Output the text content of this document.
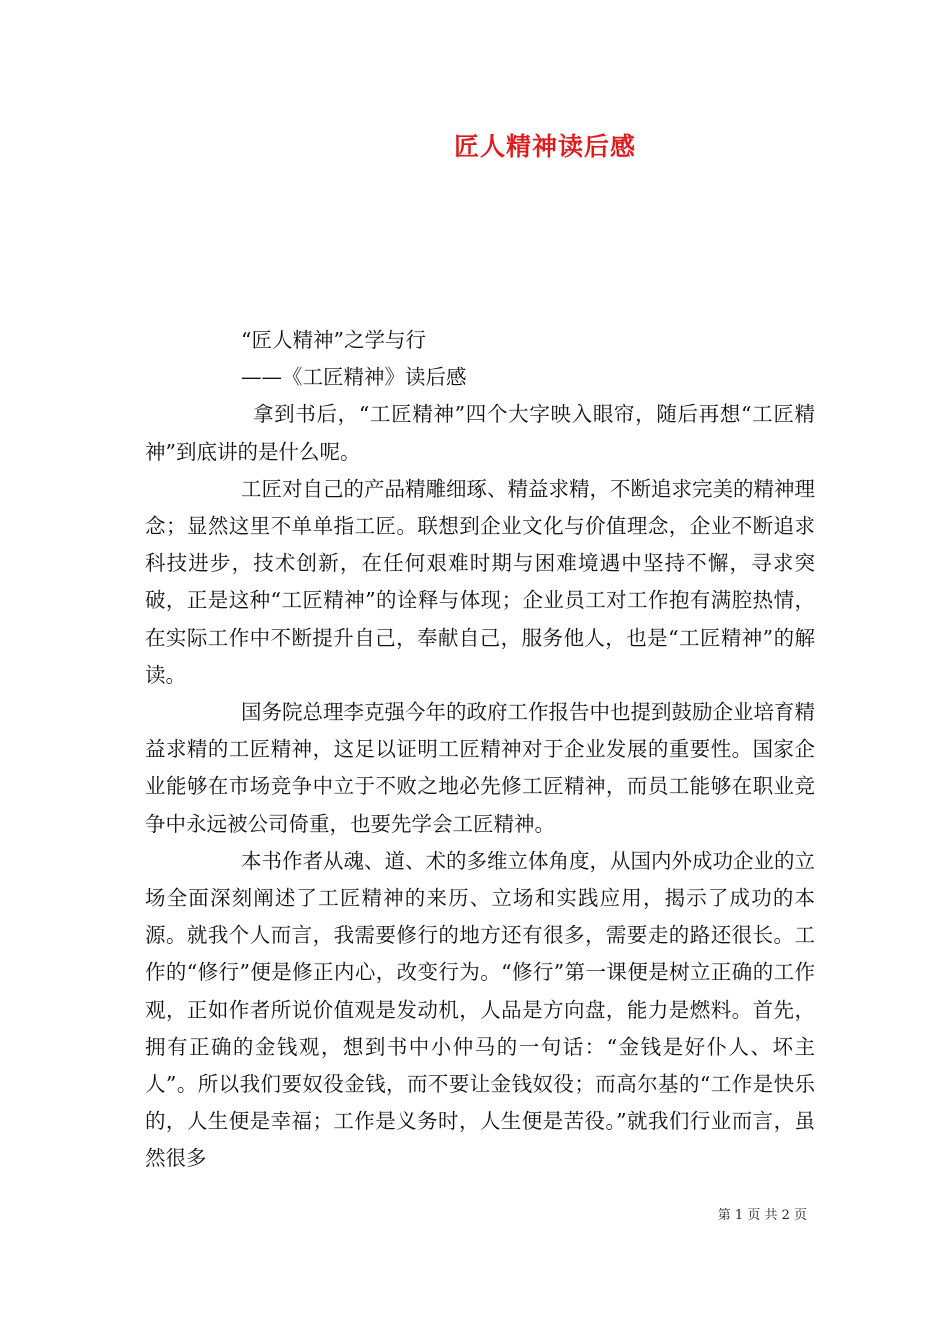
匠人精神读后感

“匠人精神”之学与行

——《工匠精神》读后感

拿到书后，“工匠精神”四个大字映入眼帘，随后再想“工匠精神”到底讲的是什么呢。

工匠对自己的产品精雕细琢、精益求精，不断追求完美的精神理念；显然这里不单单指工匠。联想到企业文化与价值理念，企业不断追求科技进步，技术创新，在任何艰难时期与困难境遇中坚持不懈，寻求突破，正是这种“工匠精神”的诠释与体现；企业员工对工作抱有满腔热情，在实际工作中不断提升自己，奉献自己，服务他人，也是“工匠精神”的解读。

国务院总理李克强今年的政府工作报告中也提到鼓励企业培育精益求精的工匠精神，这足以证明工匠精神对于企业发展的重要性。国家企业能够在市场竞争中立于不败之地必先修工匠精神，而员工能够在职业竞争中永远被公司倚重，也要先学会工匠精神。

本书作者从魂、道、术的多维立体角度，从国内外成功企业的立场全面深刻阐述了工匠精神的来历、立场和实践应用，揭示了成功的本源。就我个人而言，我需要修行的地方还有很多，需要走的路还很长。工作的“修行”便是修正内心，改变行为。“修行”第一课便是树立正确的工作观，正如作者所说价值观是发动机，人品是方向盘，能力是燃料。首先，拥有正确的金钱观，想到书中小仲马的一句话：“金钱是好仆人、坏主人”。所以我们要奴役金钱，而不要让金钱奴役；而高尔基的“工作是快乐的，人生便是幸福；工作是义务时，人生便是苦役。”就我们行业而言，虽然很多

第 1 页 共 2 页
